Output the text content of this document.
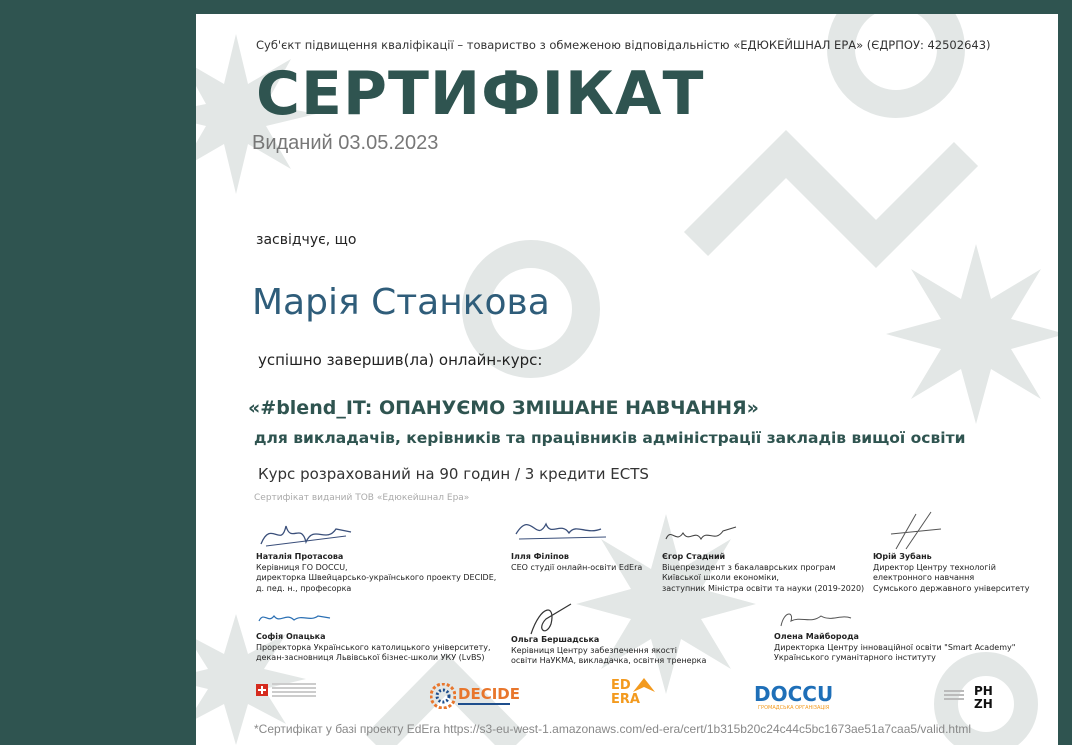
Суб'єкт підвищення кваліфікації – товариство з обмеженою відповідальністю «ЕДЮКЕЙШНАЛ ЕРА» (ЄДРПОУ: 42502643)
СЕРТИФІКАТ
Виданий 03.05.2023
засвідчує, що
Марія Станкова
успішно завершив(ла) онлайн-курс:
«#blend_IT: ОПАНУЄМО ЗМІШАНЕ НАВЧАННЯ»
для викладачів, керівників та працівників адміністрації закладів вищої освіти
Курс розрахований на 90 годин / 3 кредити ECTS
Сертифікат виданий ТОВ «Едюкейшнал Ера»
Наталія Протасова
Керівниця ГО DOCCU,
директорка Швейцарсько-українського проекту DECIDE,
д. пед. н., професорка
Ілля Філіпов
CEO студії онлайн-освіти EdEra
Єгор Стадний
Віцепрезидент з бакалаврських програм
Київської школи економіки,
заступник Міністра освіти та науки (2019-2020)
Юрій Зубань
Директор Центру технологій
електронного навчання
Сумського державного університету
Софія Опацька
Проректорка Українського католицького університету,
декан-засновниця Львівської бізнес-школи УКУ (LvBS)
Ольга Бершадська
Керівниця Центру забезпечення якості
освіти НаУКМА, викладачка, освітня тренерка
Олена Майборода
Директорка Центру інноваційної освіти "Smart Academy"
Українського гуманітарного інституту
DECIDE	ED
ERA	DOCCU
ГРОМАДСЬКА ОРГАНІЗАЦІЯ
PH
ZH
*Сертифікат у базі проекту EdEra https://s3-eu-west-1.amazonaws.com/ed-era/cert/1b315b20c24c44c5bc1673ae51a7caa5/valid.html
